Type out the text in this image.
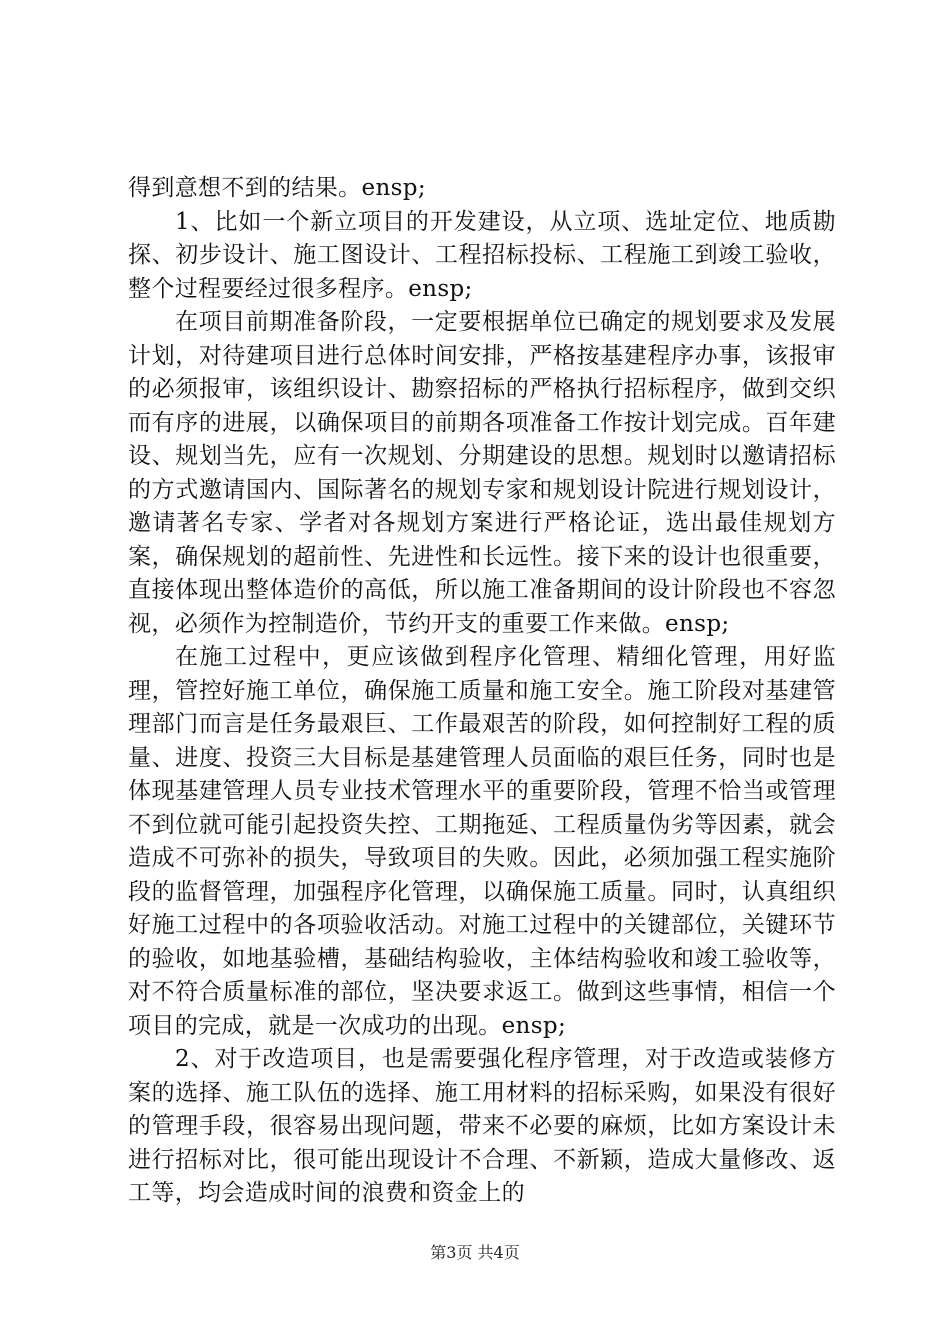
得到意想不到的结果。ensp;

1、比如一个新立项目的开发建设，从立项、选址定位、地质勘探、初步设计、施工图设计、工程招标投标、工程施工到竣工验收，整个过程要经过很多程序。ensp;

在项目前期准备阶段，一定要根据单位已确定的规划要求及发展计划，对待建项目进行总体时间安排，严格按基建程序办事，该报审的必须报审，该组织设计、勘察招标的严格执行招标程序，做到交织而有序的进展，以确保项目的前期各项准备工作按计划完成。百年建设、规划当先，应有一次规划、分期建设的思想。规划时以邀请招标的方式邀请国内、国际著名的规划专家和规划设计院进行规划设计，邀请著名专家、学者对各规划方案进行严格论证，选出最佳规划方案，确保规划的超前性、先进性和长远性。接下来的设计也很重要，直接体现出整体造价的高低，所以施工准备期间的设计阶段也不容忽视，必须作为控制造价，节约开支的重要工作来做。ensp;

在施工过程中，更应该做到程序化管理、精细化管理，用好监理，管控好施工单位，确保施工质量和施工安全。施工阶段对基建管理部门而言是任务最艰巨、工作最艰苦的阶段，如何控制好工程的质量、进度、投资三大目标是基建管理人员面临的艰巨任务，同时也是体现基建管理人员专业技术管理水平的重要阶段，管理不恰当或管理不到位就可能引起投资失控、工期拖延、工程质量伪劣等因素，就会造成不可弥补的损失，导致项目的失败。因此，必须加强工程实施阶段的监督管理，加强程序化管理，以确保施工质量。同时，认真组织好施工过程中的各项验收活动。对施工过程中的关键部位，关键环节的验收，如地基验槽，基础结构验收，主体结构验收和竣工验收等，对不符合质量标准的部位，坚决要求返工。做到这些事情，相信一个项目的完成，就是一次成功的出现。ensp;

2、对于改造项目，也是需要强化程序管理，对于改造或装修方案的选择、施工队伍的选择、施工用材料的招标采购，如果没有很好的管理手段，很容易出现问题，带来不必要的麻烦，比如方案设计未进行招标对比，很可能出现设计不合理、不新颖，造成大量修改、返工等，均会造成时间的浪费和资金上的

第3页 共4页
